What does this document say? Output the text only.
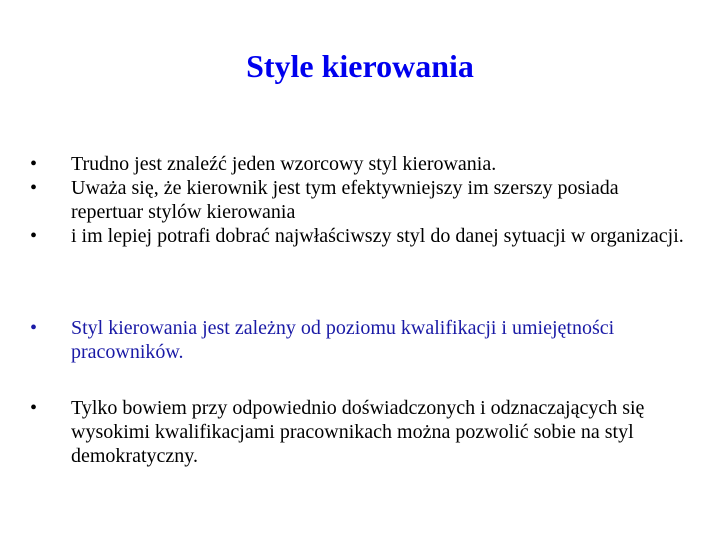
Style kierowania
•	Trudno jest znaleźć jeden wzorcowy styl kierowania.
•	Uważa się, że kierownik jest tym efektywniejszy im szerszy posiada repertuar stylów kierowania
•	i im lepiej potrafi dobrać najwłaściwszy styl do danej sytuacji w organizacji.
•	Styl kierowania jest zależny od poziomu kwalifikacji i umiejętności pracowników.
•	Tylko bowiem przy odpowiednio doświadczonych i odznaczających się wysokimi kwalifikacjami pracownikach można pozwolić sobie na styl demokratyczny.
